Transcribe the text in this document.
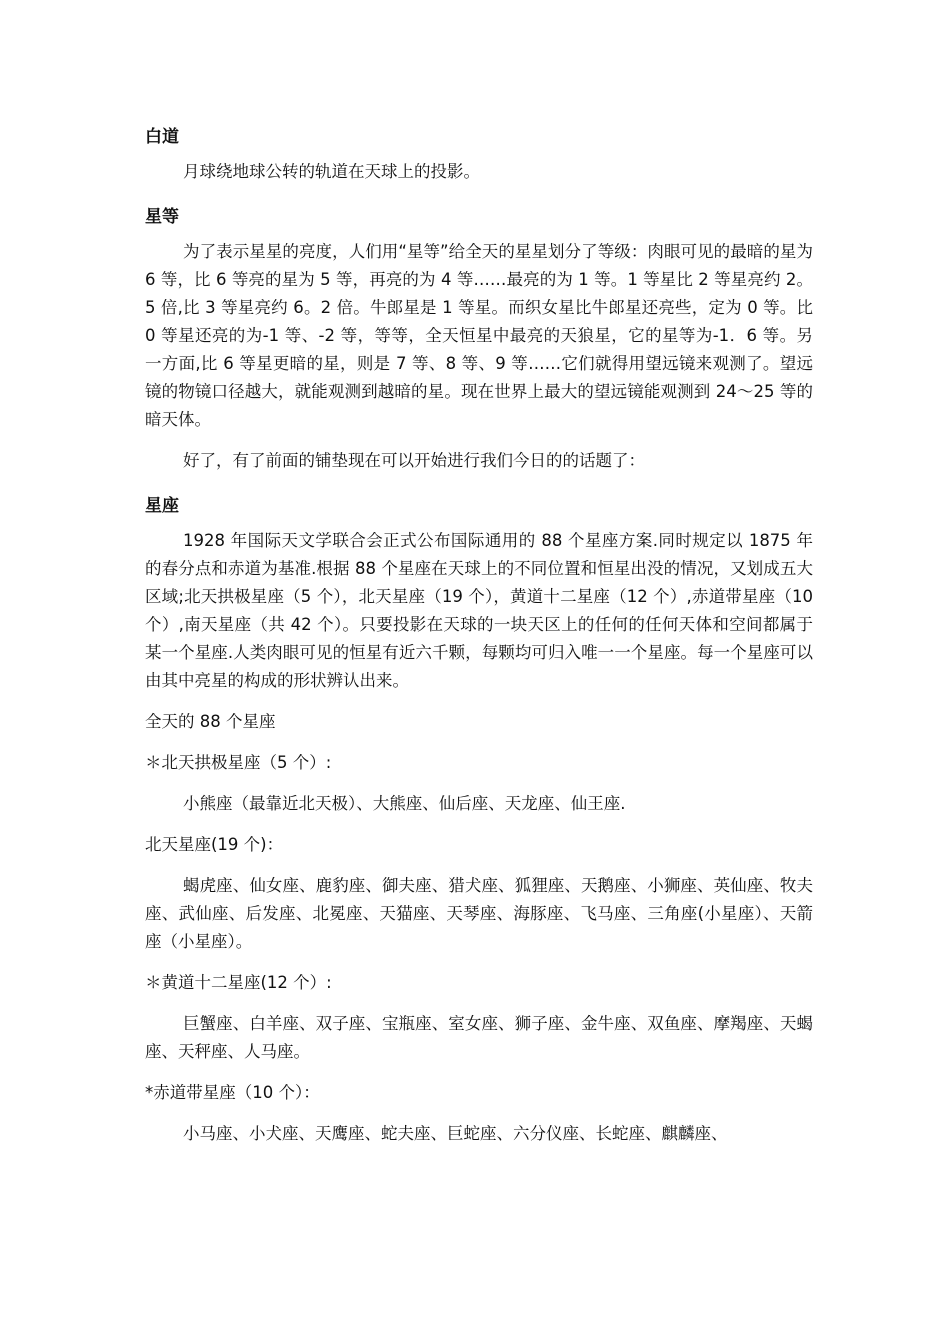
白道

月球绕地球公转的轨道在天球上的投影。

星等

为了表示星星的亮度，人们用“星等”给全天的星星划分了等级：肉眼可见的最暗的星为 6 等，比 6 等亮的星为 5 等，再亮的为 4 等……最亮的为 1 等。1 等星比 2 等星亮约 2。5 倍,比 3 等星亮约 6。2 倍。牛郎星是 1 等星。而织女星比牛郎星还亮些，定为 0 等。比 0 等星还亮的为-1 等、-2 等，等等，全天恒星中最亮的天狼星，它的星等为-1．6 等。另一方面,比 6 等星更暗的星，则是 7 等、8 等、9 等……它们就得用望远镜来观测了。望远镜的物镜口径越大，就能观测到越暗的星。现在世界上最大的望远镜能观测到 24～25 等的暗天体。

好了，有了前面的铺垫现在可以开始进行我们今日的的话题了：

星座

1928 年国际天文学联合会正式公布国际通用的 88 个星座方案.同时规定以 1875 年的春分点和赤道为基准.根据 88 个星座在天球上的不同位置和恒星出没的情况，又划成五大区域;北天拱极星座（5 个），北天星座（19 个），黄道十二星座（12 个）,赤道带星座（10 个）,南天星座（共 42 个）。只要投影在天球的一块天区上的任何的任何天体和空间都属于某一个星座.人类肉眼可见的恒星有近六千颗，每颗均可归入唯一一个星座。每一个星座可以由其中亮星的构成的形状辨认出来。

全天的 88 个星座

＊北天拱极星座（5 个）:

小熊座（最靠近北天极）、大熊座、仙后座、天龙座、仙王座.

北天星座(19 个)：

蝎虎座、仙女座、鹿豹座、御夫座、猎犬座、狐狸座、天鹅座、小狮座、英仙座、牧夫座、武仙座、后发座、北冕座、天猫座、天琴座、海豚座、飞马座、三角座(小星座）、天箭座（小星座）。

＊黄道十二星座(12 个）:

巨蟹座、白羊座、双子座、宝瓶座、室女座、狮子座、金牛座、双鱼座、摩羯座、天蝎座、天秤座、人马座。

*赤道带星座（10 个）：

小马座、小犬座、天鹰座、蛇夫座、巨蛇座、六分仪座、长蛇座、麒麟座、
